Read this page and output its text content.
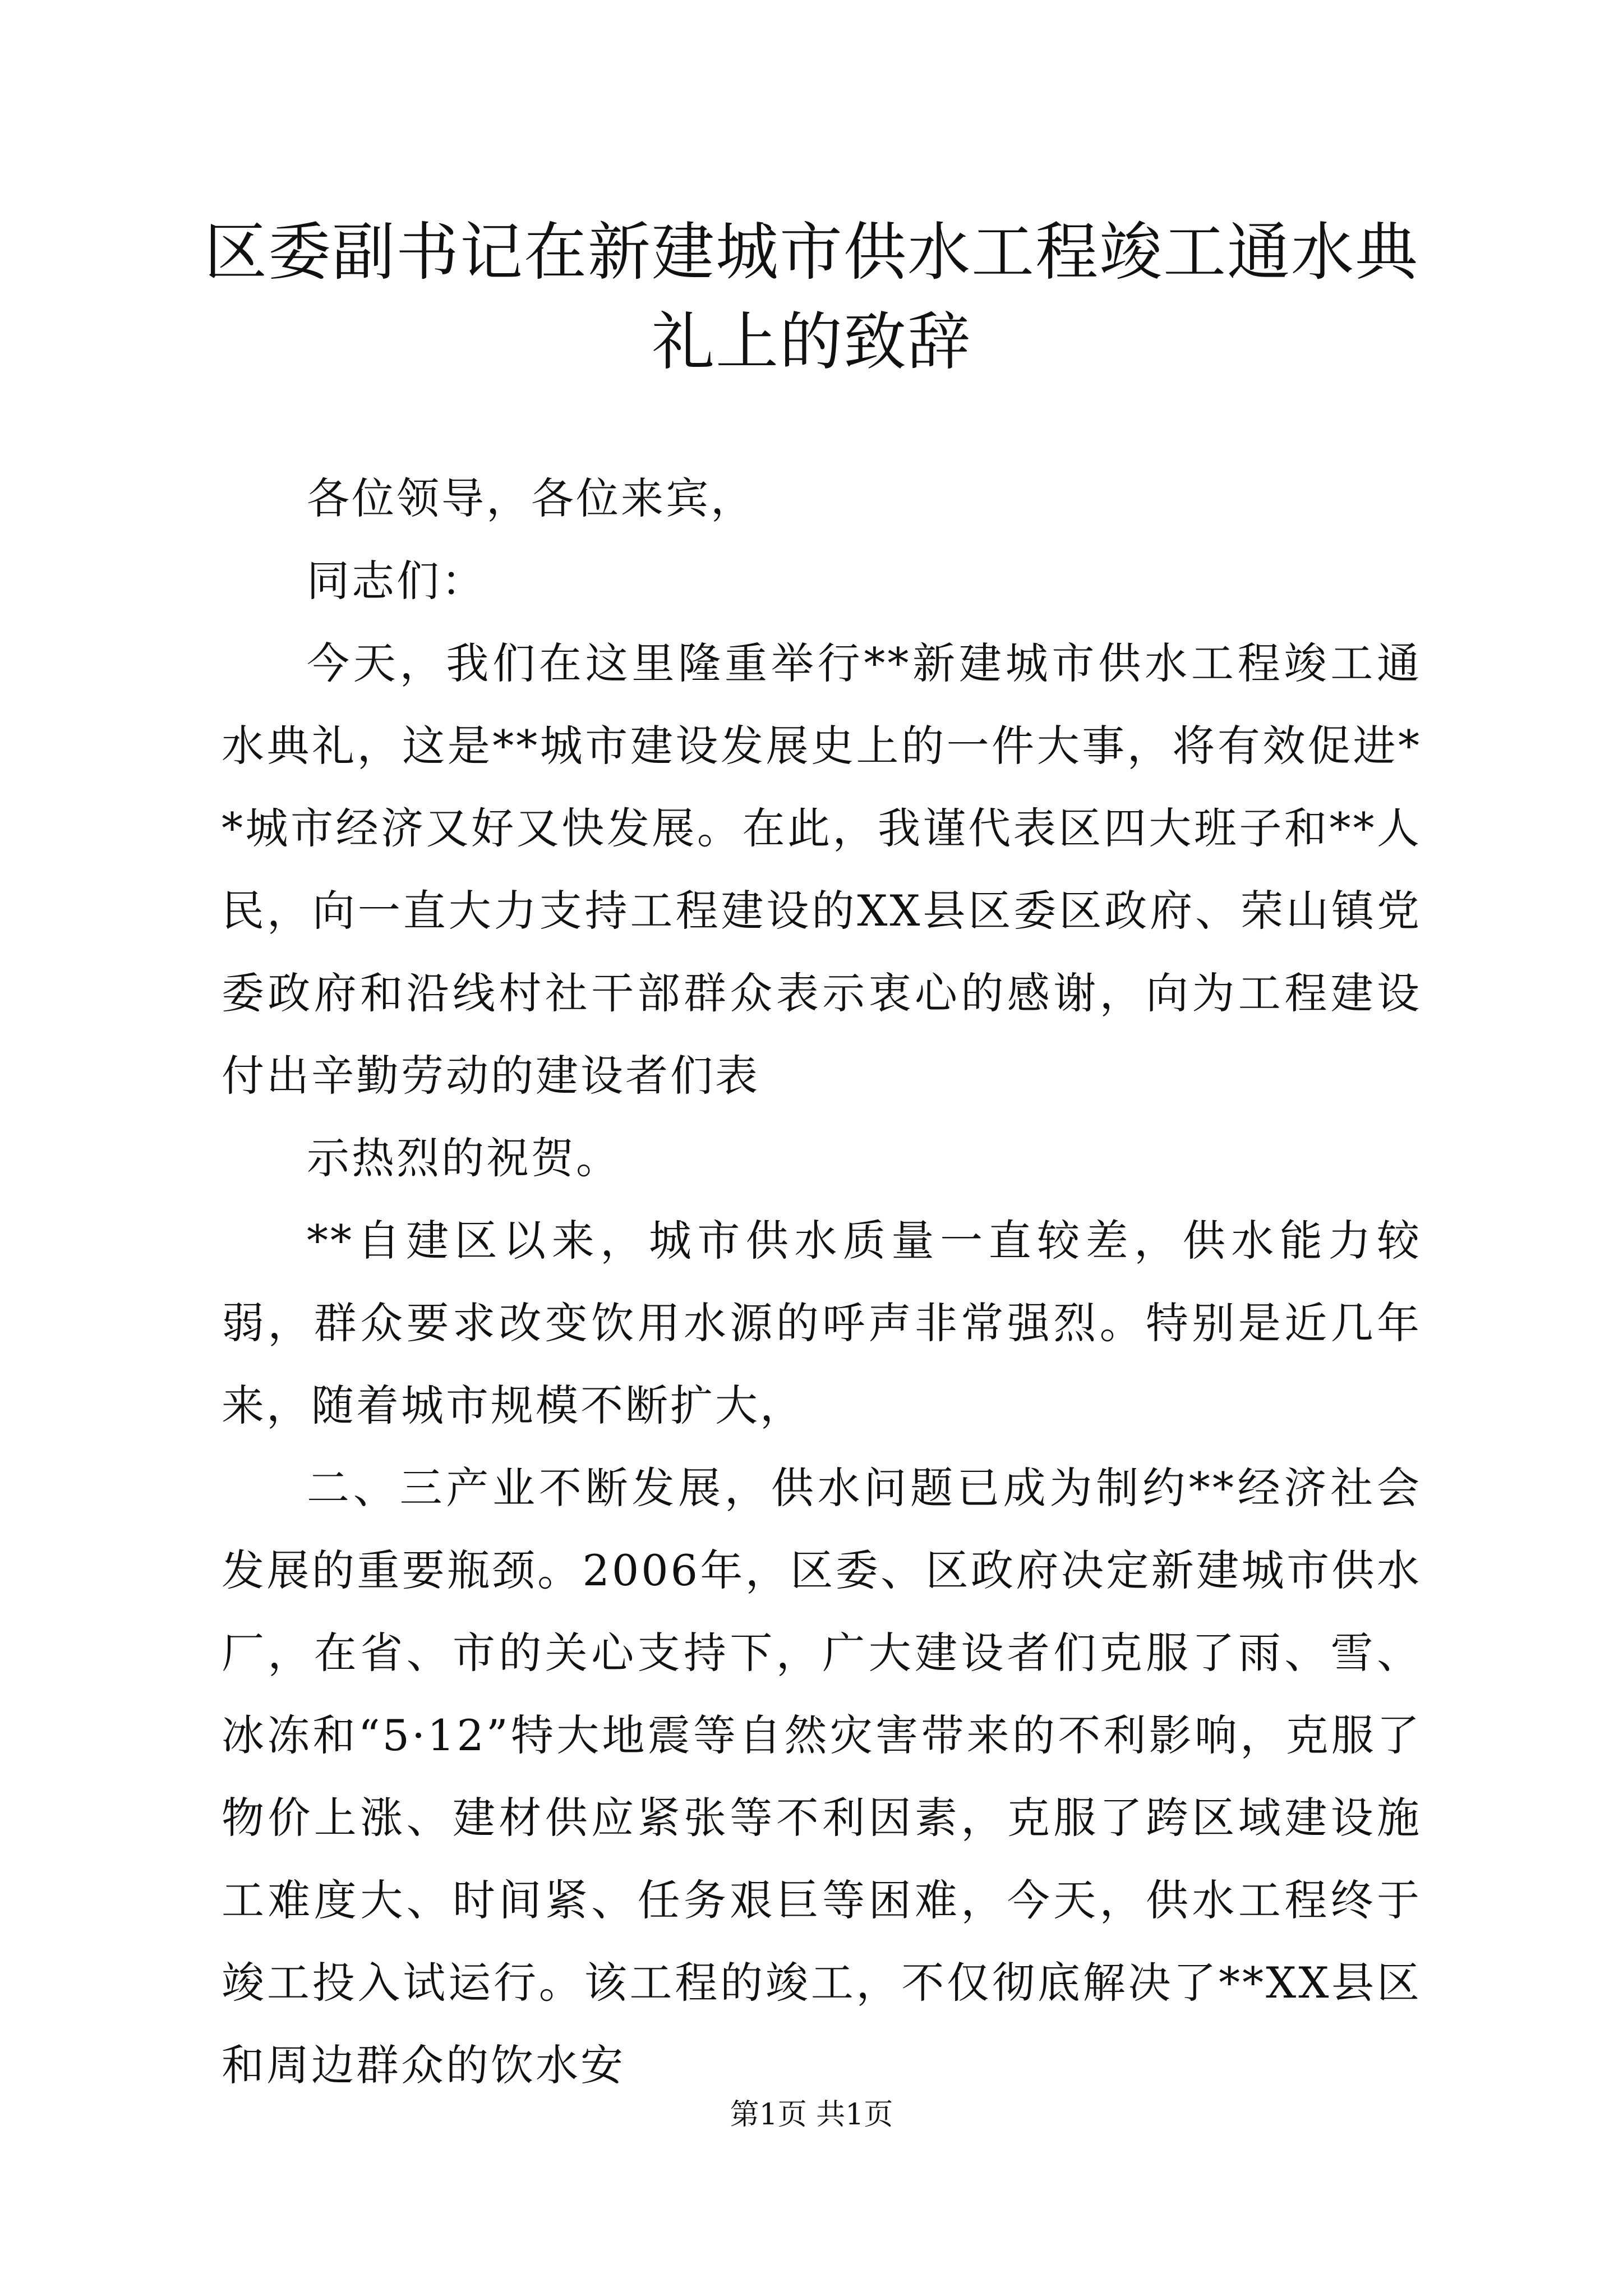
区委副书记在新建城市供水工程竣工通水典礼上的致辞

各位领导，各位来宾，

同志们：

今天，我们在这里隆重举行**新建城市供水工程竣工通水典礼，这是**城市建设发展史上的一件大事，将有效促进**城市经济又好又快发展。在此，我谨代表区四大班子和**人民，向一直大力支持工程建设的XX县区委区政府、荣山镇党委政府和沿线村社干部群众表示衷心的感谢，向为工程建设付出辛勤劳动的建设者们表

示热烈的祝贺。

**自建区以来，城市供水质量一直较差，供水能力较弱，群众要求改变饮用水源的呼声非常强烈。特别是近几年来，随着城市规模不断扩大，

二、三产业不断发展，供水问题已成为制约**经济社会发展的重要瓶颈。2006年，区委、区政府决定新建城市供水厂，在省、市的关心支持下，广大建设者们克服了雨、雪、冰冻和“5·12”特大地震等自然灾害带来的不利影响，克服了物价上涨、建材供应紧张等不利因素，克服了跨区域建设施工难度大、时间紧、任务艰巨等困难，今天，供水工程终于竣工投入试运行。该工程的竣工，不仅彻底解决了**XX县区和周边群众的饮水安

第1页 共1页
